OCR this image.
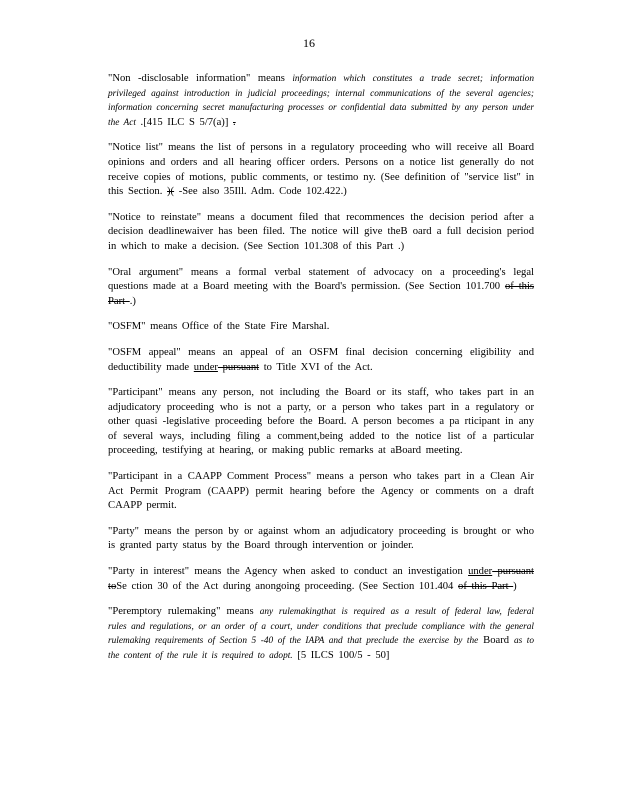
16

"Non -disclosable information" means information which constitutes a trade secret; information privileged against introduction in judicial proceedings; internal communications of the several agencies; information concerning secret manufacturing processes or confidential data submitted by any person under the Act .[415 ILC S 5/7(a)] .

"Notice list" means the list of persons in a regulatory proceeding who will receive all Board opinions and orders and all hearing officer orders. Persons on a notice list generally do not receive copies of motions, public comments, or testimo ny. (See definition of "service list" in this Section. )( -See also 35Ill. Adm. Code 102.422.)

"Notice to reinstate" means a document filed that recommences the decision period after a decision deadlinewaiver has been filed. The notice will give theB oard a full decision period in which to make a decision. (See Section 101.308 of this Part .)

"Oral argument" means a formal verbal statement of advocacy on a proceeding's legal questions made at a Board meeting with the Board's permission. (See Section 101.700 of this Part .)

"OSFM" means Office of the State Fire Marshal.

"OSFM appeal" means an appeal of an OSFM final decision concerning eligibility and deductibility made under pursuant to Title XVI of the Act.

"Participant" means any person, not including the Board or its staff, who takes part in an adjudicatory proceeding who is not a party, or a person who takes part in a regulatory or other quasi -legislative proceeding before the Board. A person becomes a pa rticipant in any of several ways, including filing a comment,being added to the notice list of a particular proceeding, testifying at hearing, or making public remarks at aBoard meeting.

"Participant in a CAAPP Comment Process" means a person who takes part in a Clean Air Act Permit Program (CAAPP) permit hearing before the Agency or comments on a draft CAAPP permit.

"Party" means the person by or against whom an adjudicatory proceeding is brought or who is granted party status by the Board through intervention or joinder.

"Party in interest" means the Agency when asked to conduct an investigation under pursuant toSe ction 30 of the Act during anongoing proceeding. (See Section 101.404 of this Part )

"Peremptory rulemaking" means any rulemakingthat is required as a result of federal law, federal rules and regulations, or an order of a court, under conditions that preclude compliance with the general rulemaking requirements of Section 5 -40 of the IAPA and that preclude the exercise by the Board as to the content of the rule it is required to adopt. [5 ILCS 100/5 - 50]
